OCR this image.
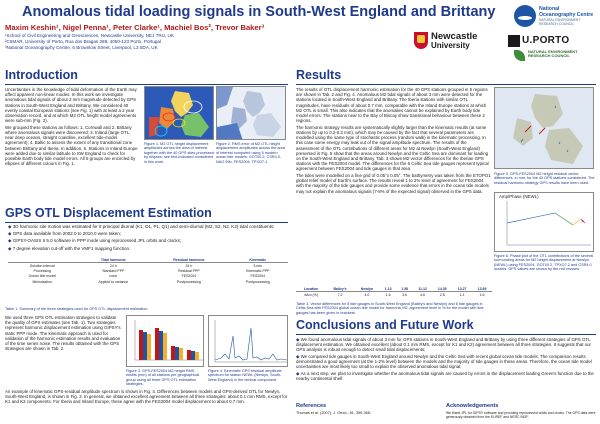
Anomalous tidal loading signals in South-West England and Brittany
Maxim Keshin¹, Nigel Penna¹, Peter Clarke¹, Machiel Bos², Trevor Baker³
¹School of Civil Engineering and Geosciences, Newcastle University, NE1 7RU, UK
²CIIMAR, University of Porto, Rua dos Bragas 289, 4050-123 Porto, Portugal
³National Oceanography Centre, 6 Brownlow Street, Liverpool, L3 5DA, UK
National Oceanography Centre
NATURAL ENVIRONMENT RESEARCH COUNCIL
Newcastle
University	U.PORTO
NATURAL ENVIRONMENT RESEARCH COUNCIL
Introduction

Uncertainties in the knowledge of tidal deformation of the Earth may affect apparent non-linear modes. In this work we investigate anomalous tidal signals of about 3 mm magnitude detected by GPS stations in South-West England and Brittany. We considered 40 evenly coastal European stations (see Fig. 1) with at least a 2 year observation record, and at which M2 OTL height model agreements were sub-mm (Fig. 2).

We grouped these stations as follows: 1. Cornwall and 2. Brittany where anomalous signals were discovered; 3. Inland (large OTL, near deep oceans, straight coastline, excellent tide-model agreement); 4. Baltic to assess the extent of any transitional zone between Brittany and Iberia. In addition, 6. Stations in Inland Europe were added due to similar latitude to SW England to check for possible Earth body tide model errors. All 5 groups are encircled by ellipses of different colours in Fig. 1.

Figure 1. M2 OTL height displacement amplitudes across the area of interest together with the 40 GPS sites processed by ellipses; see text.Indicated considered in this work.
Figure 2. RMS error of M2 OTL height displacement amplitudes across the area of interest computed using 5 modern ocean tide models: GOT00.2, CSR4.0, NAO.99b, FES2004, TPXO7.1.
GPS OTL Displacement Estimation
◆ 3D harmonic site motion was estimated for 8 principal diurnal (K1, O1, P1, Q1) and semi-diurnal (M2, S2, N2, K2) tidal constituents;
◆ GPS data available from 2002.0 to 2010.0 were taken;
◆ GIPSY-OASIS II 5.0 software in PPP mode using reprocessed JPL orbits and clocks;
◆ 7 degree elevation cut-off with the VMF1 mapping function.
	Tidal harmonic	Residual harmonic	Kinematic
Solution interval	24 h	24 h	5 min
Processing	Standard PPP	Residual PPP	Kinematic PPP
Ocean tide model	none	FES2004	FES2004
Minimisation	Applied to variance	Postprocessing	Postprocessing
Table 1. Summary of the three strategies used for GPS OTL displacement estimation.

We used three GPS OTL estimation strategies to validate the quality of GPS estimates (see Tab. 1). Two strategies represent harmonic displacement estimation using GIPSY's static PPP mode. The kinematic approach is used for validation of the harmonic estimation results and evaluation of the time series noise. The results obtained with the GPS strategies are shown in Tab. 2.

Figure 3. GPS-FES2004 M2 height RMS misfits (mm) of all stations per geographical group using all three GPS OTL estimation strategies.
Figure 4. Kinematic GPS residual amplitude spectrum for station NEWL (Newlyn, South-West England) in the vertical component.

An example of kinematic GPS-residual amplitude spectrum is shown in Fig. 4. Differences between models and GPS-derived OTL for Newlyn, South-West England, is shown in Fig. 3. In general, we obtained excellent agreement between all three strategies: about 0.1 mm RMS, except for K1 and K2 components. For Iberia and Inland Europe, these agree with the FES2004 model displacement to about 0.7 mm.

Results

The results of OTL displacement harmonic estimation for the 40 GPS stations grouped in 5 regions are shown in Tab. 2 and Fig. 4. Anomalous M2 tidal signals of about 3 mm were detected for the stations located in South-West England and Brittany. The Iberia stations with similar OTL magnitudes, have residuals of about 0.7 mm, comparable with the Inland Europe stations at which M2 OTL is small. This also indicates that the anomalies cannot be explained by Earth body tide model errors. The stations near to the Bay of Biscay show transitional behaviour between these 2 regions.

The harmonic strategy results are systematically slightly larger than the kinematic results (at some stations by up to 0.2-0.3 mm), which may be caused by the fact that several parameters are modelled using the same type of stochastic process (random walk) in the kinematic processing. In this case some energy may leak out of the signal amplitude spectrum. The results of the assessment of the OTL contributions of different areas for M2 at Newlyn (South-West England) presented in Fig. 5 show that the areas around Newlyn and the Celtic Sea are dominant for loading on the South-West England and Brittany. Tab. 3 shows M2 vector differences for the Iberian GPS stations with the FES2004 model. The differences for the 6 Celtic Sea tide gauges represent typical agreement between FES2004 and tide gauges in that area.

The tides were modelled on a fine grid of 0.05°x 0.05°. The bathymetry was taken from the ETOPO1 global relief model of Earth's surface. The results reveal 1 to 2% level of agreement for FES2004 with the majority of the tide gauges and provide some evidence that errors in the ocean tide models may not explain the anomalous signals (7-8% of the expected signal) observed in the GPS data.

Figure 5. GPS-FES2004 M2 height residual vector differences, in mm, for the 40 GPS stations considered. The residual harmonic strategy GPS results have been used.
Amp/Phase (NEWL)
×
Figure 6. Phase plot of the OTL contributions of the several surrounding areas for M2 height displacement at Newlyn (NEWL) using FES2004, GOT00.2, TPXO7.2 and CSR4.0 models. GPS values are shown by the red crosses.
Location	Bailey's	Newlyn	1.13	1.58	11.12	14.35	13.27	13.89
dAm (%)	7.2	4.0	1.6	3.6	4.6	2.8	1.1	1.6
Table 3. Vector differences for 8 tide gauges in South-West England (Bailey's and Newlyn) and 6 tide gauges in Celtic Sea with FES2004 global ocean tide model for harmonic M2. Agreement level in % for the model with tide gauges has been given in brackets.
Conclusions and Future Work

◆ We found anomalous tidal signals of about 3 mm for GPS stations in South-West England and Brittany by using three different strategies of GPS OTL displacement estimation. We obtained excellent (about 0.1 mm RMS, except for K1 and K2) agreement between all three strategies. It suggests that our GPS analysis is robust enough to detect small tidal displacements;

◆ We compared tide gauges in South-West England around Newlyn and the Celtic Sea with recent global ocean tide models. The comparison results demonstrated a good agreement (at the 1-2% level) between the models and the majority of tide gauges in these areas. Therefore, the ocean tide model uncertainties are most likely too small to explain the observed anomalous tidal signal;

◆ As a next step, we plan to investigate whether the anomalous tidal signals are caused by errors in the displacement loading Green's function due to the nearby continental shelf.

References
Thomas et al. (2007), J. Geod., 81, 359-368.
Acknowledgements
We thank JPL for GIPSY software and providing reprocessed orbits and clocks. The GPS data were generously obtained from the EUREF and NERC BIGF.
